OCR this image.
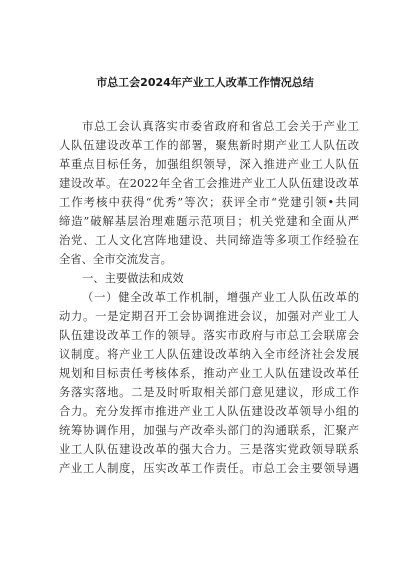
市总工会2024年产业工人改革工作情况总结

市总工会认真落实市委省政府和省总工会关于产业工

人队伍建设改革工作的部署，聚焦新时期产业工人队伍改

革重点目标任务，加强组织领导，深入推进产业工人队伍

建设改革。在2022年全省工会推进产业工人队伍建设改革

工作考核中获得“优秀”等次；获评全市“党建引领•共同

缔造”破解基层治理难题示范项目；机关党建和全面从严

治党、工人文化宫阵地建设、共同缔造等多项工作经验在

全省、全市交流发言。

一、主要做法和成效

（一）健全改革工作机制，增强产业工人队伍改革的

动力。一是定期召开工会协调推进会议，加强对产业工人

队伍建设改革工作的领导。落实市政府与市总工会联席会

议制度。将产业工人队伍建设改革纳入全市经济社会发展

规划和目标责任考核体系，推动产业工人队伍建设改革任

务落实落地。二是及时听取相关部门意见建议，形成工作

合力。充分发挥市推进产业工人队伍建设改革领导小组的

统筹协调作用，加强与产改牵头部门的沟通联系，汇聚产

业工人队伍建设改革的强大合力。三是落实党政领导联系

产业工人制度，压实改革工作责任。市总工会主要领导遇
